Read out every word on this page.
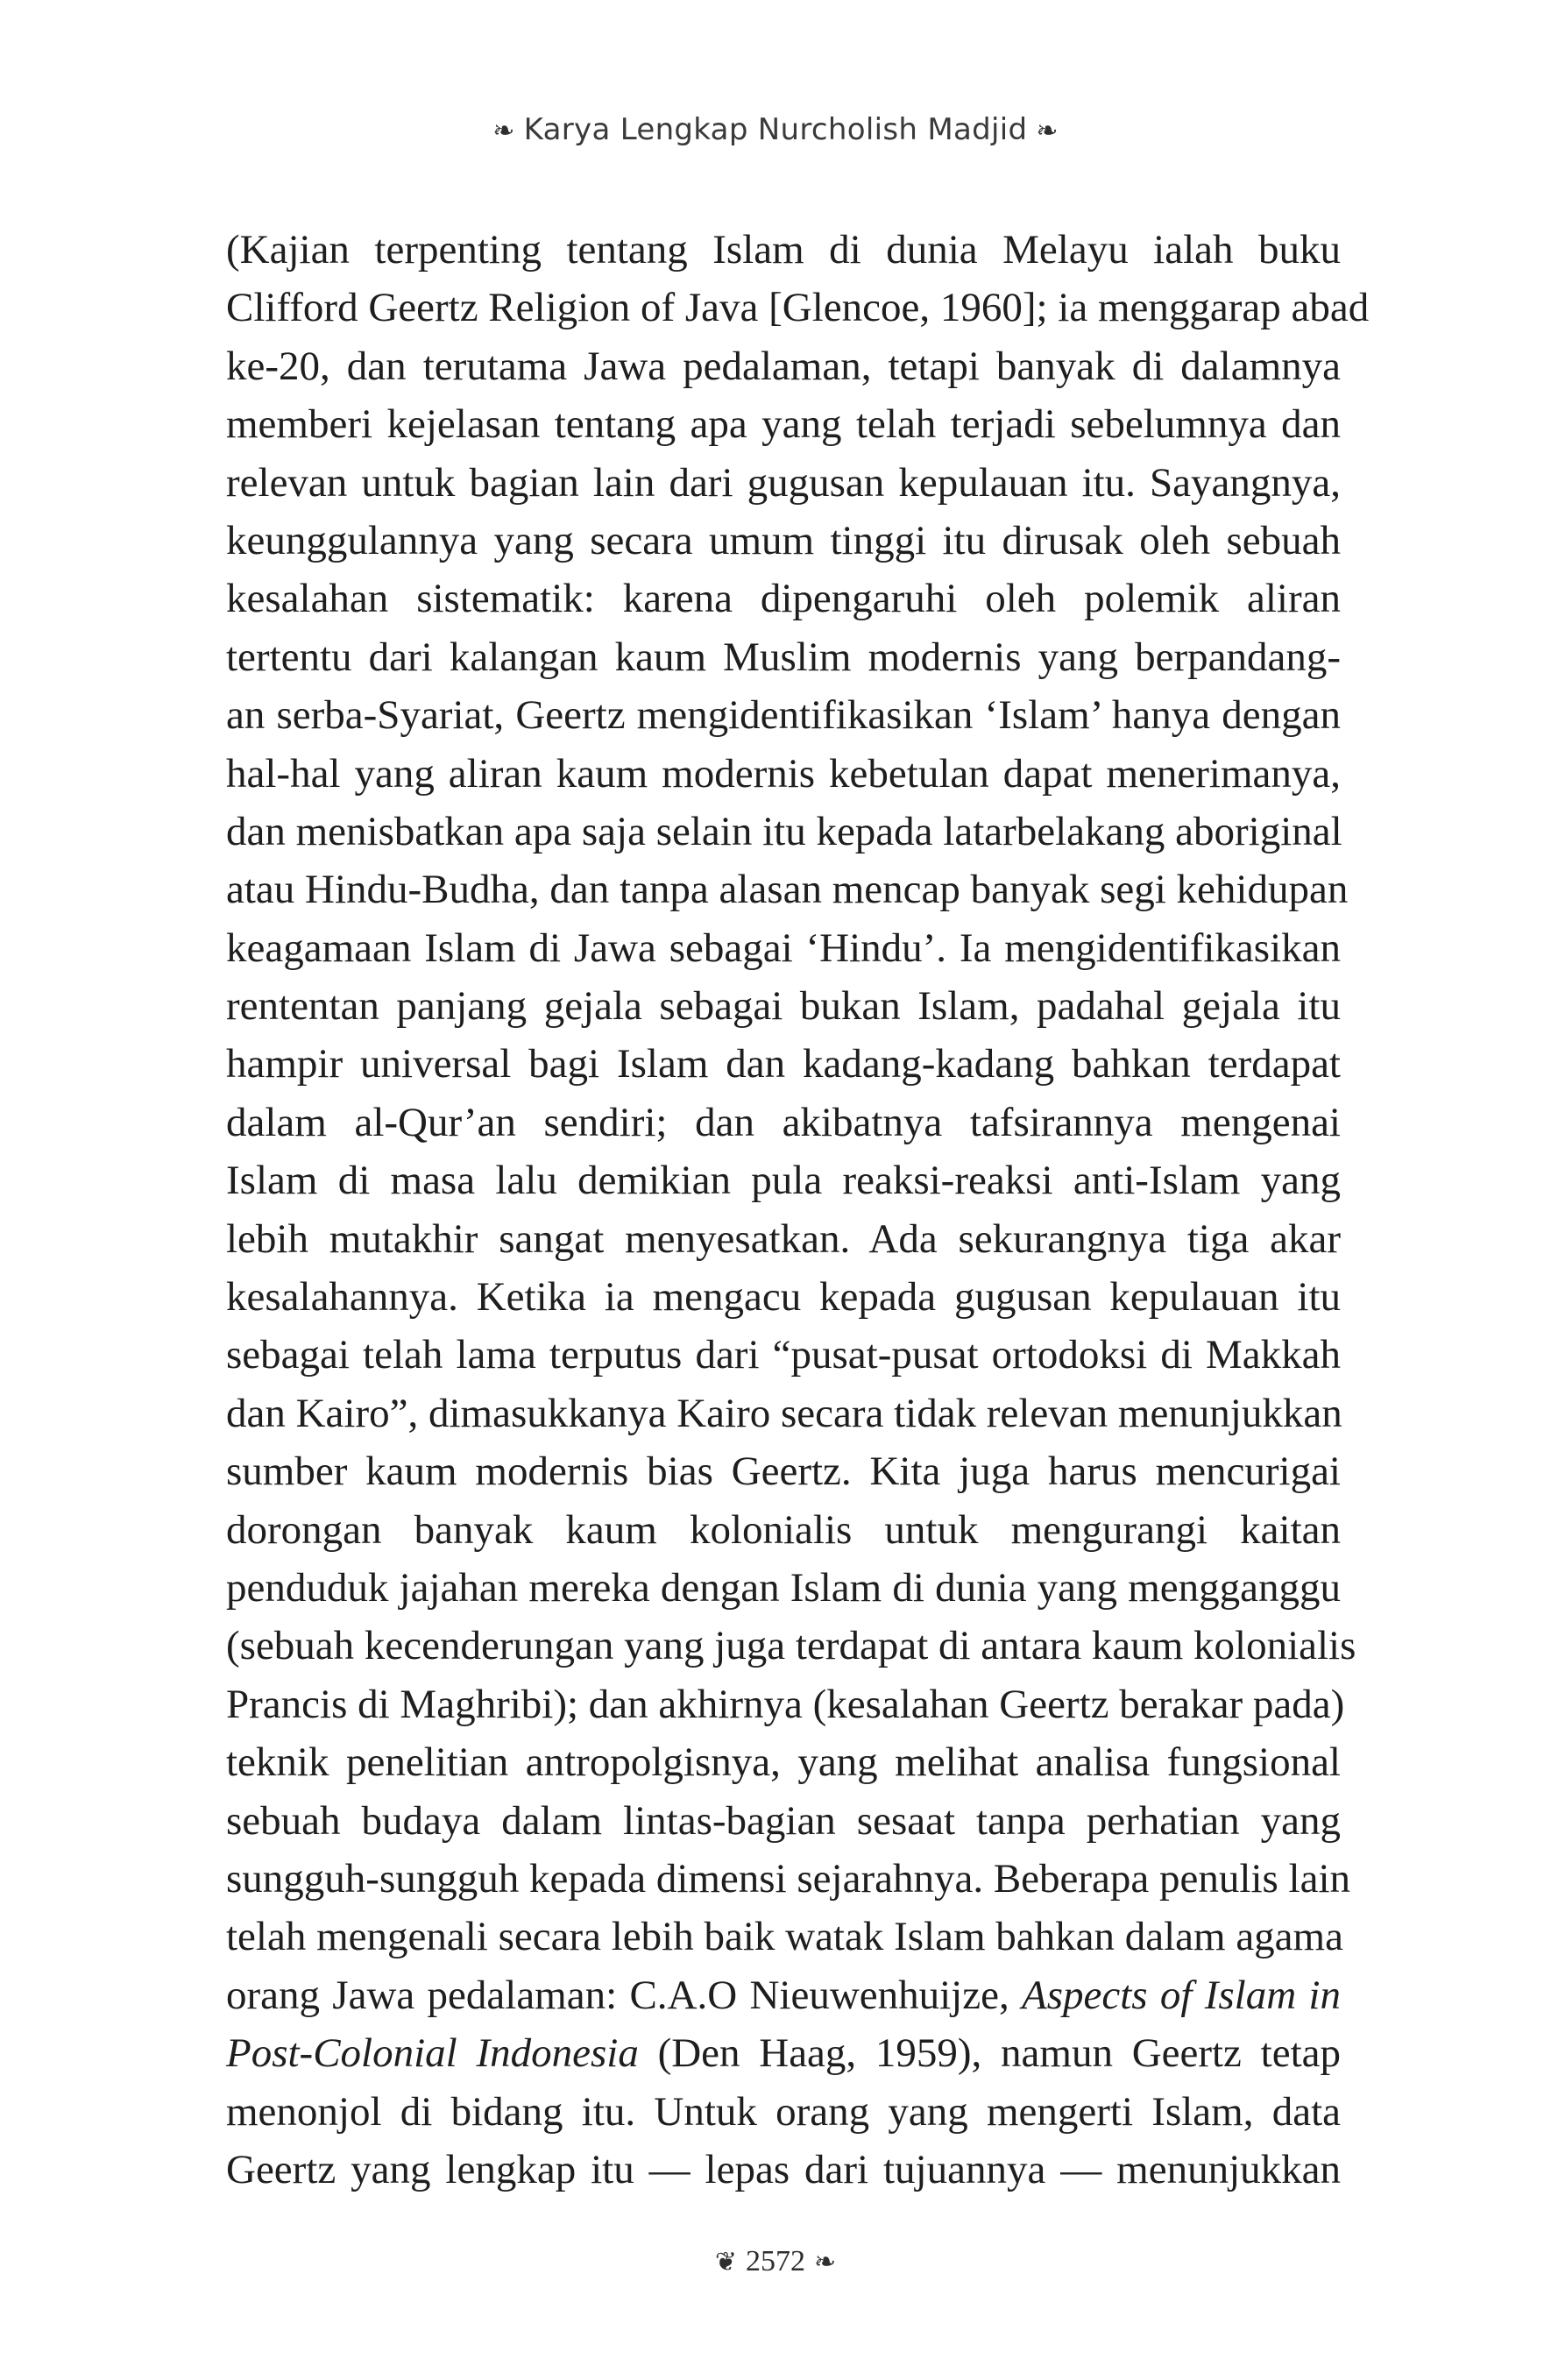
❧ Karya Lengkap Nurcholish Madjid ❧
(Kajian terpenting tentang Islam di dunia Melayu ialah buku
Clifford Geertz Religion of Java [Glencoe, 1960]; ia menggarap abad
ke-20, dan terutama Jawa pedalaman, tetapi banyak di dalamnya
memberi kejelasan tentang apa yang telah terjadi sebelumnya dan
relevan untuk bagian lain dari gugusan kepulauan itu. Sayangnya,
keunggulannya yang secara umum tinggi itu dirusak oleh sebuah
kesalahan sistematik: karena dipengaruhi oleh polemik aliran
tertentu dari kalangan kaum Muslim modernis yang berpandang-
an serba-Syariat, Geertz mengidentifikasikan ‘Islam’ hanya dengan
hal-hal yang aliran kaum modernis kebetulan dapat menerimanya,
dan menisbatkan apa saja selain itu kepada latarbelakang aboriginal
atau Hindu-Budha, dan tanpa alasan mencap banyak segi kehidupan
keagamaan Islam di Jawa sebagai ‘Hindu’. Ia mengidentifikasikan
rententan panjang gejala sebagai bukan Islam, padahal gejala itu
hampir universal bagi Islam dan kadang-kadang bahkan terdapat
dalam al-Qur’an sendiri; dan akibatnya tafsirannya mengenai
Islam di masa lalu demikian pula reaksi-reaksi anti-Islam yang
lebih mutakhir sangat menyesatkan. Ada sekurangnya tiga akar
kesalahannya. Ketika ia mengacu kepada gugusan kepulauan itu
sebagai telah lama terputus dari “pusat-pusat ortodoksi di Makkah
dan Kairo”, dimasukkanya Kairo secara tidak relevan menunjukkan
sumber kaum modernis bias Geertz. Kita juga harus mencurigai
dorongan banyak kaum kolonialis untuk mengurangi kaitan
penduduk jajahan mereka dengan Islam di dunia yang mengganggu
(sebuah kecenderungan yang juga terdapat di antara kaum kolonialis
Prancis di Maghribi); dan akhirnya (kesalahan Geertz berakar pada)
teknik penelitian antropolgisnya, yang melihat analisa fungsional
sebuah budaya dalam lintas-bagian sesaat tanpa perhatian yang
sungguh-sungguh kepada dimensi sejarahnya. Beberapa penulis lain
telah mengenali secara lebih baik watak Islam bahkan dalam agama
orang Jawa pedalaman: C.A.O Nieuwenhuijze, Aspects of Islam in
Post-Colonial Indonesia (Den Haag, 1959), namun Geertz tetap
menonjol di bidang itu. Untuk orang yang mengerti Islam, data
Geertz yang lengkap itu — lepas dari tujuannya — menunjukkan
❦ 2572 ❧
